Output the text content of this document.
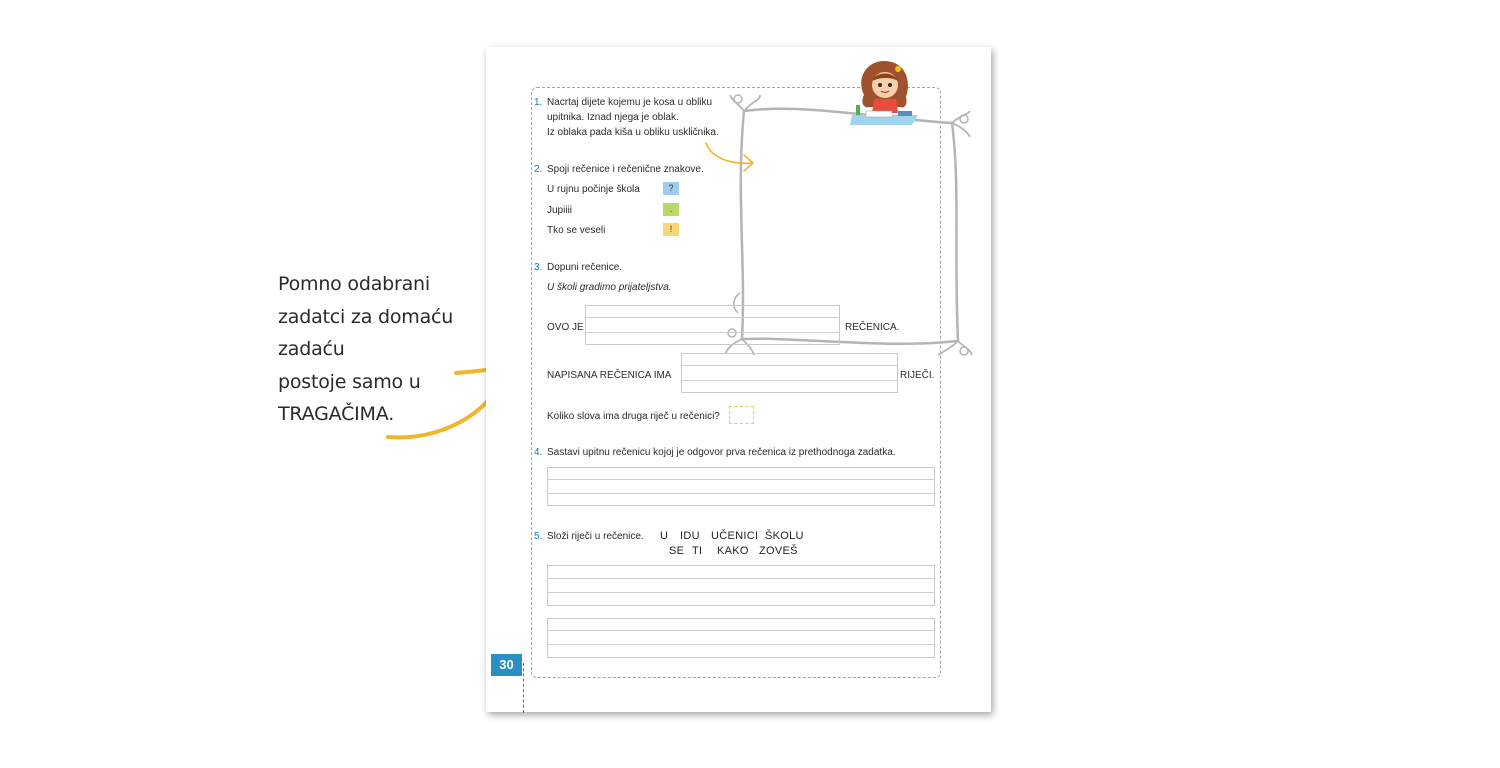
Pomno odabrani
zadatci za domaću
zadaću
postoje samo u
TRAGAČIMA.
1. Nacrtaj dijete kojemu je kosa u obliku
upitnika. Iznad njega je oblak.
Iz oblaka pada kiša u obliku uskličnika.
2. Spoji rečenice i rečenične znakove.
U rujnu počinje škola
Jupiiii
Tko se veseli
?
.
!
3. Dopuni rečenice.
U školi gradimo prijateljstva.
OVO JE	REČENICA.
NAPISANA REČENICA IMA	RIJEČI.
Koliko slova ima druga riječ u rečenici?
4. Sastavi upitnu rečenicu kojoj je odgovor prva rečenica iz prethodnoga zadatka.
5. Složi riječi u rečenice. U IDU UČENICI ŠKOLU
SE TI KAKO ZOVEŠ
30
